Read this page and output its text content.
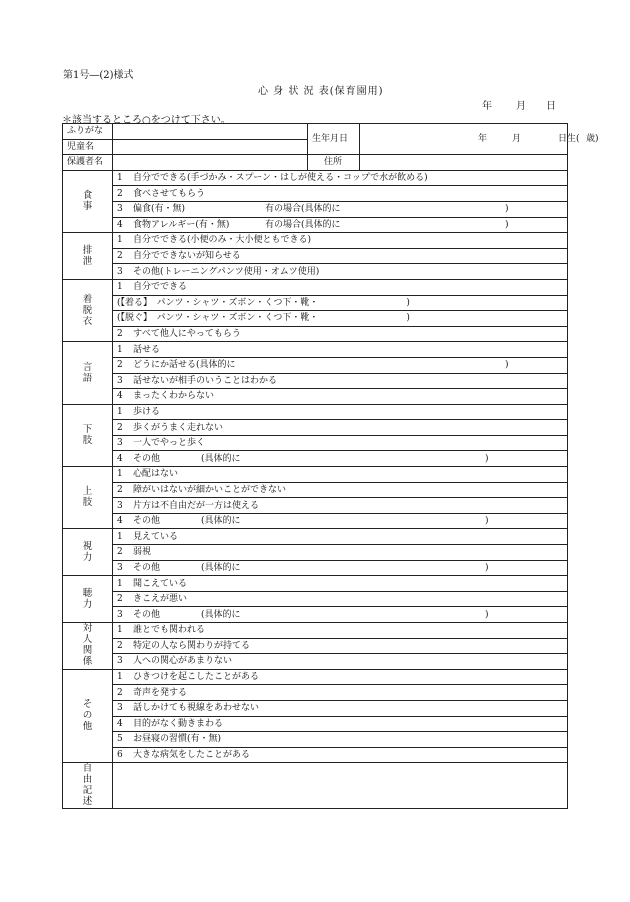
第1号―(2)様式
心 身 状 況 表(保育園用)
年 月 日
＊該当するところ○をつけて下さい。
ふりがな		生年月日	年 月 日生( 歳)
児童名			
保護者名		住所	
食事	1 自分でできる(手づかみ・スプーン・はしが使える・コップで水が飲める)		
	2 食べさせてもらう		
	3 偏食(有・無) 有の場合(具体的に )		
	4 食物アレルギー(有・無) 有の場合(具体的に )		
排泄	1 自分でできる(小便のみ・大小便ともできる)		
	2 自分でできないが知らせる		
	3 その他(トレーニングパンツ使用・オムツ使用)		
着脱衣	1 自分でできる		
	(【着る】　パンツ・シャツ・ズボン・くつ下・靴・ )		
	(【脱ぐ】　パンツ・シャツ・ズボン・くつ下・靴・ )		
	2 すべて他人にやってもらう		
言語	1 話せる		
	2 どうにか話せる(具体的に )		
	3 話せないが相手のいうことはわかる		
	4 まったくわからない		
下肢	1 歩ける		
	2 歩くがうまく走れない		
	3 一人でやっと歩く		
	4 その他 (具体的に )		
上肢	1 心配はない		
	2 障がいはないが細かいことができない		
	3 片方は不自由だが一方は使える		
	4 その他 (具体的に )		
視力	1 見えている		
	2 弱視		
	3 その他 (具体的に )		
聴力	1 聞こえている		
	2 きこえが悪い		
	3 その他 (具体的に )		
対人関係	1 誰とでも関われる		
	2 特定の人なら関わりが持てる		
	3 人への関心があまりない		
その他	1 ひきつけを起こしたことがある		
	2 奇声を発する		
	3 話しかけても視線をあわせない		
	4 目的がなく動きまわる		
	5 お昼寝の習慣(有・無)		
	6 大きな病気をしたことがある		
自由記述			
